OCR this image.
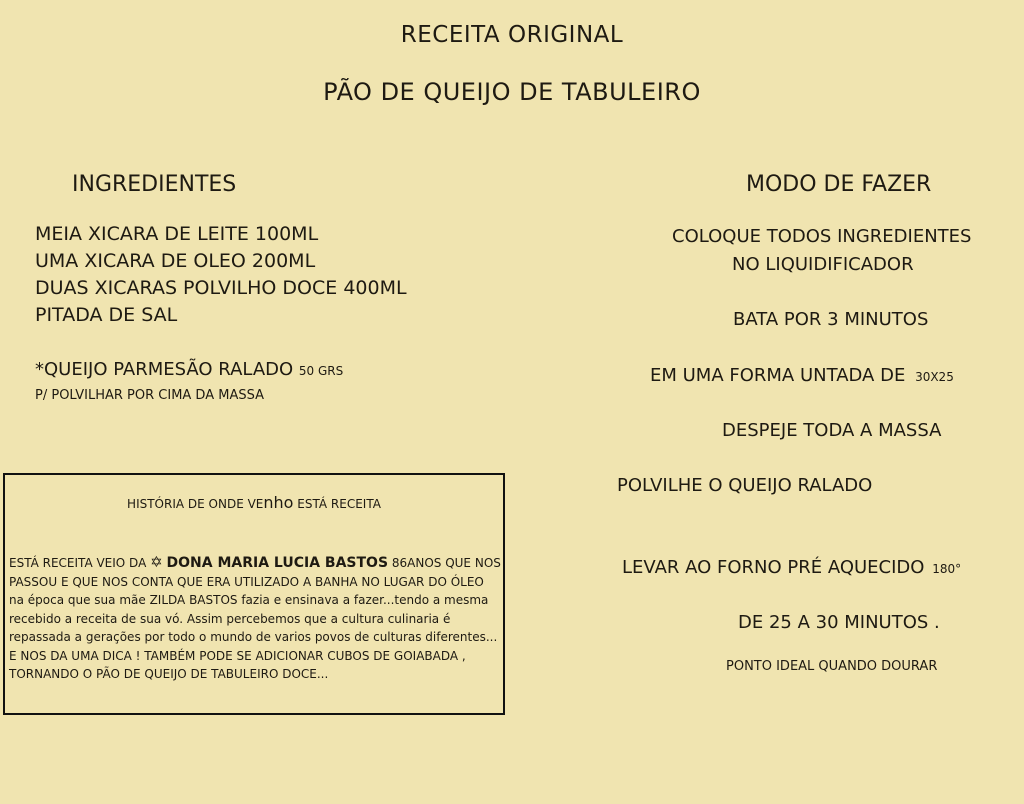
RECEITA ORIGINAL
PÃO DE QUEIJO DE TABULEIRO
INGREDIENTES	MODO DE FAZER
MEIA XICARA DE LEITE 100ML
UMA XICARA DE OLEO 200ML
DUAS XICARAS POLVILHO DOCE 400ML
PITADA DE SAL
*QUEIJO PARMESÃO RALADO 50 GRS
P/ POLVILHAR POR CIMA DA MASSA
COLOQUE TODOS INGREDIENTES
NO LIQUIDIFICADOR
BATA POR 3 MINUTOS
EM UMA FORMA UNTADA DE 30X25
DESPEJE TODA A MASSA
POLVILHE O QUEIJO RALADO
LEVAR AO FORNO PRÉ AQUECIDO 180°
DE 25 A 30 MINUTOS .
PONTO IDEAL QUANDO DOURAR
HISTÓRIA DE ONDE VEnho ESTÁ RECEITA
ESTÁ RECEITA VEIO DA ✡ DONA MARIA LUCIA BASTOS 86ANOS QUE NOS PASSOU E QUE NOS CONTA QUE ERA UTILIZADO A BANHA NO LUGAR DO ÓLEO na época que sua mãe ZILDA BASTOS fazia e ensinava a fazer...tendo a mesma recebido a receita de sua vó. Assim percebemos que a cultura culinaria é repassada a gerações por todo o mundo de varios povos de culturas diferentes...
E NOS DA UMA DICA ! TAMBÉM PODE SE ADICIONAR CUBOS DE GOIABADA , TORNANDO O PÃO DE QUEIJO DE TABULEIRO DOCE...
